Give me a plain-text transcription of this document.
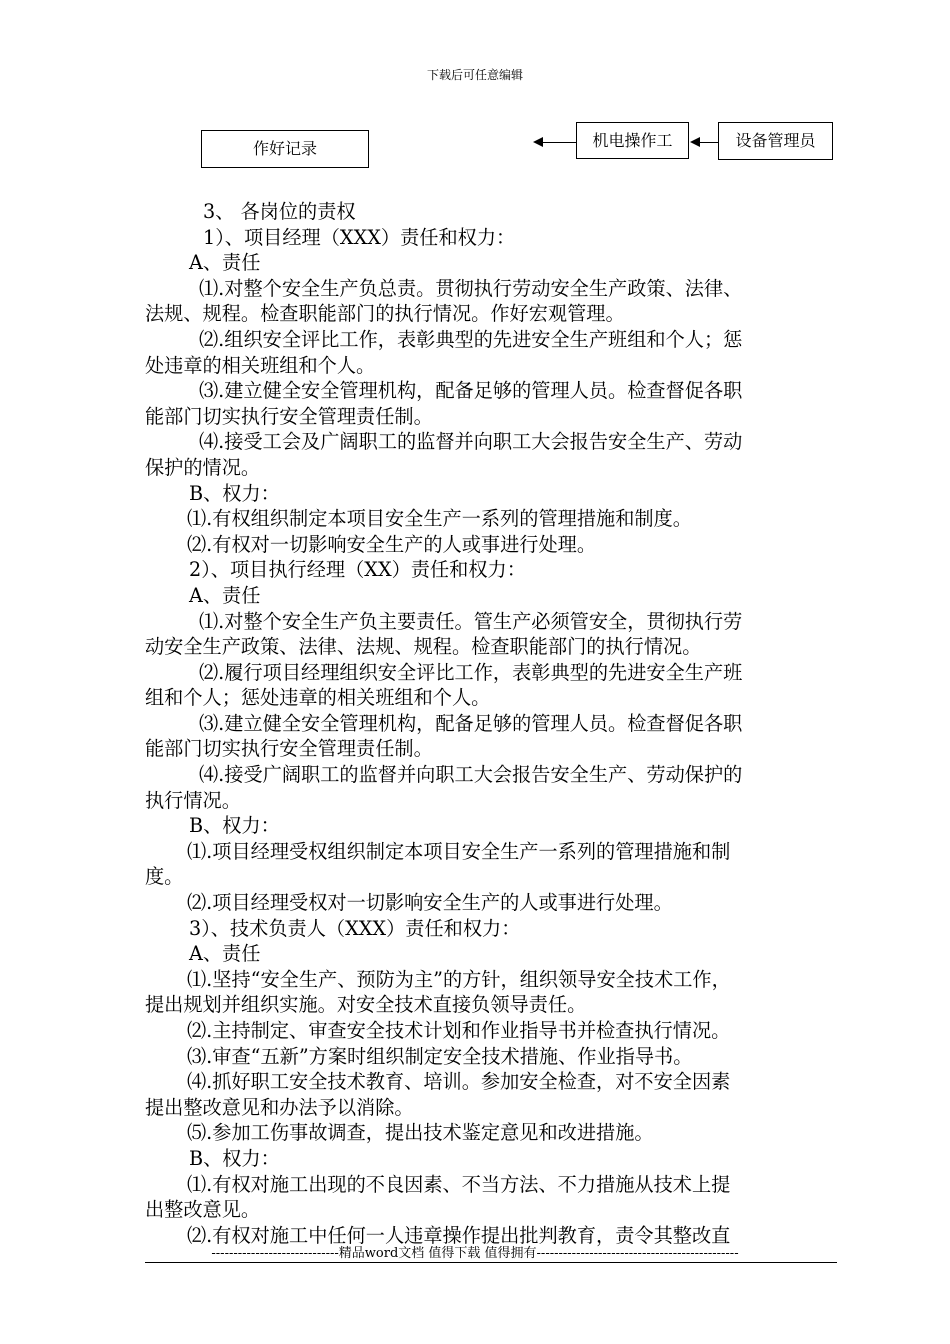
下载后可任意编辑
作好记录	机电操作工	设备管理员

3、 各岗位的责权

1）、项目经理（XXX）责任和权力：

A、责任

⑴.对整个安全生产负总责。贯彻执行劳动安全生产政策、法律、

法规、规程。检查职能部门的执行情况。作好宏观管理。

⑵.组织安全评比工作，表彰典型的先进安全生产班组和个人；惩

处违章的相关班组和个人。

⑶.建立健全安全管理机构，配备足够的管理人员。检查督促各职

能部门切实执行安全管理责任制。

⑷.接受工会及广阔职工的监督并向职工大会报告安全生产、劳动

保护的情况。

B、权力：

⑴.有权组织制定本项目安全生产一系列的管理措施和制度。

⑵.有权对一切影响安全生产的人或事进行处理。

2）、项目执行经理（XX）责任和权力：

A、责任

⑴.对整个安全生产负主要责任。管生产必须管安全，贯彻执行劳

动安全生产政策、法律、法规、规程。检查职能部门的执行情况。

⑵.履行项目经理组织安全评比工作，表彰典型的先进安全生产班

组和个人；惩处违章的相关班组和个人。

⑶.建立健全安全管理机构，配备足够的管理人员。检查督促各职

能部门切实执行安全管理责任制。

⑷.接受广阔职工的监督并向职工大会报告安全生产、劳动保护的

执行情况。

B、权力：

⑴.项目经理受权组织制定本项目安全生产一系列的管理措施和制

度。

⑵.项目经理受权对一切影响安全生产的人或事进行处理。

3）、技术负责人（XXX）责任和权力：

A、责任

⑴.坚持“安全生产、预防为主”的方针，组织领导安全技术工作，

提出规划并组织实施。对安全技术直接负领导责任。

⑵.主持制定、审查安全技术计划和作业指导书并检查执行情况。

⑶.审查“五新”方案时组织制定安全技术措施、作业指导书。

⑷.抓好职工安全技术教育、培训。参加安全检查，对不安全因素

提出整改意见和办法予以消除。

⑸.参加工伤事故调查，提出技术鉴定意见和改进措施。

B、权力：

⑴.有权对施工出现的不良因素、不当方法、不力措施从技术上提

出整改意见。

⑵.有权对施工中任何一人违章操作提出批判教育，责令其整改直

-----------------------------精品word文档 值得下载 值得拥有----------------------------------------------
